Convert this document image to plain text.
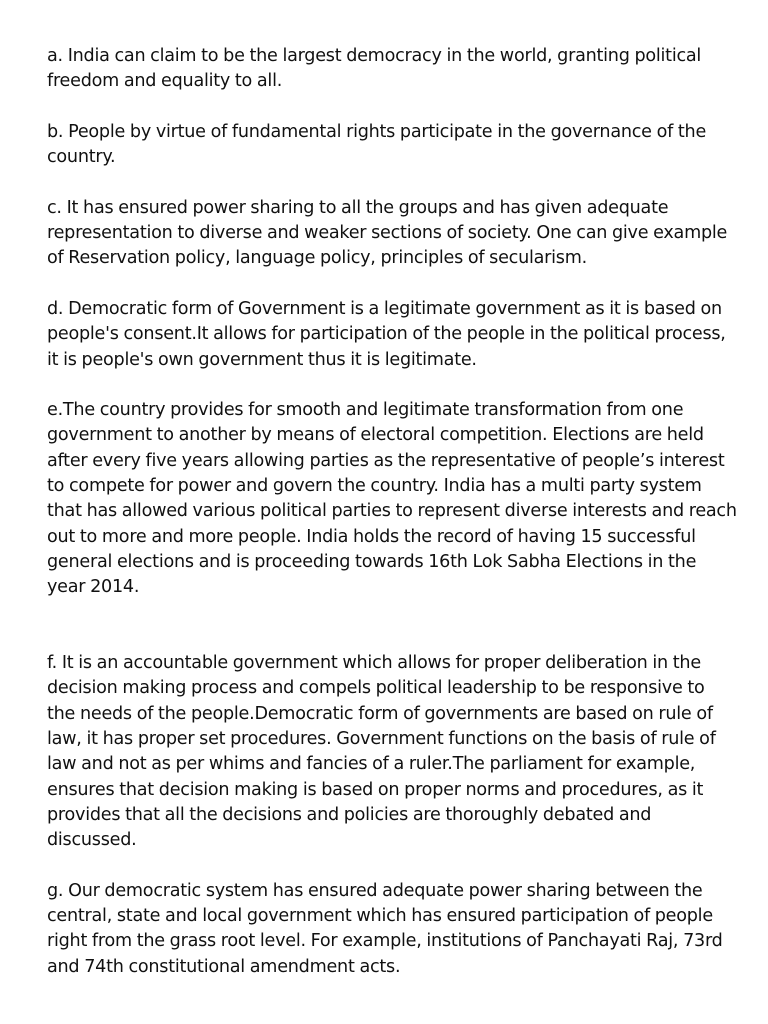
a. India can claim to be the largest democracy in the world, granting political freedom and equality to all.

b. People by virtue of fundamental rights participate in the governance of the country.

c. It has ensured power sharing to all the groups and has given adequate representation to diverse and weaker sections of society. One can give example of Reservation policy, language policy, principles of secularism.

d. Democratic form of Government is a legitimate government as it is based on people's consent.It allows for participation of the people in the political process, it is people's own government thus it is legitimate.

e.The country provides for smooth and legitimate transformation from one government to another by means of electoral competition. Elections are held after every five years allowing parties as the representative of people’s interest to compete for power and govern the country. India has a multi party system that has allowed various political parties to represent diverse interests and reach out to more and more people. India holds the record of having 15 successful general elections and is proceeding towards 16th Lok Sabha Elections in the year 2014.

f. It is an accountable government which allows for proper deliberation in the decision making process and compels political leadership to be responsive to the needs of the people.Democratic form of governments are based on rule of law, it has proper set procedures. Government functions on the basis of rule of law and not as per whims and fancies of a ruler.The parliament for example, ensures that decision making is based on proper norms and procedures, as it provides that all the decisions and policies are thoroughly debated and discussed.

g. Our democratic system has ensured adequate power sharing between the central, state and local government which has ensured participation of people right from the grass root level. For example, institutions of Panchayati Raj, 73rd and 74th constitutional amendment acts.
